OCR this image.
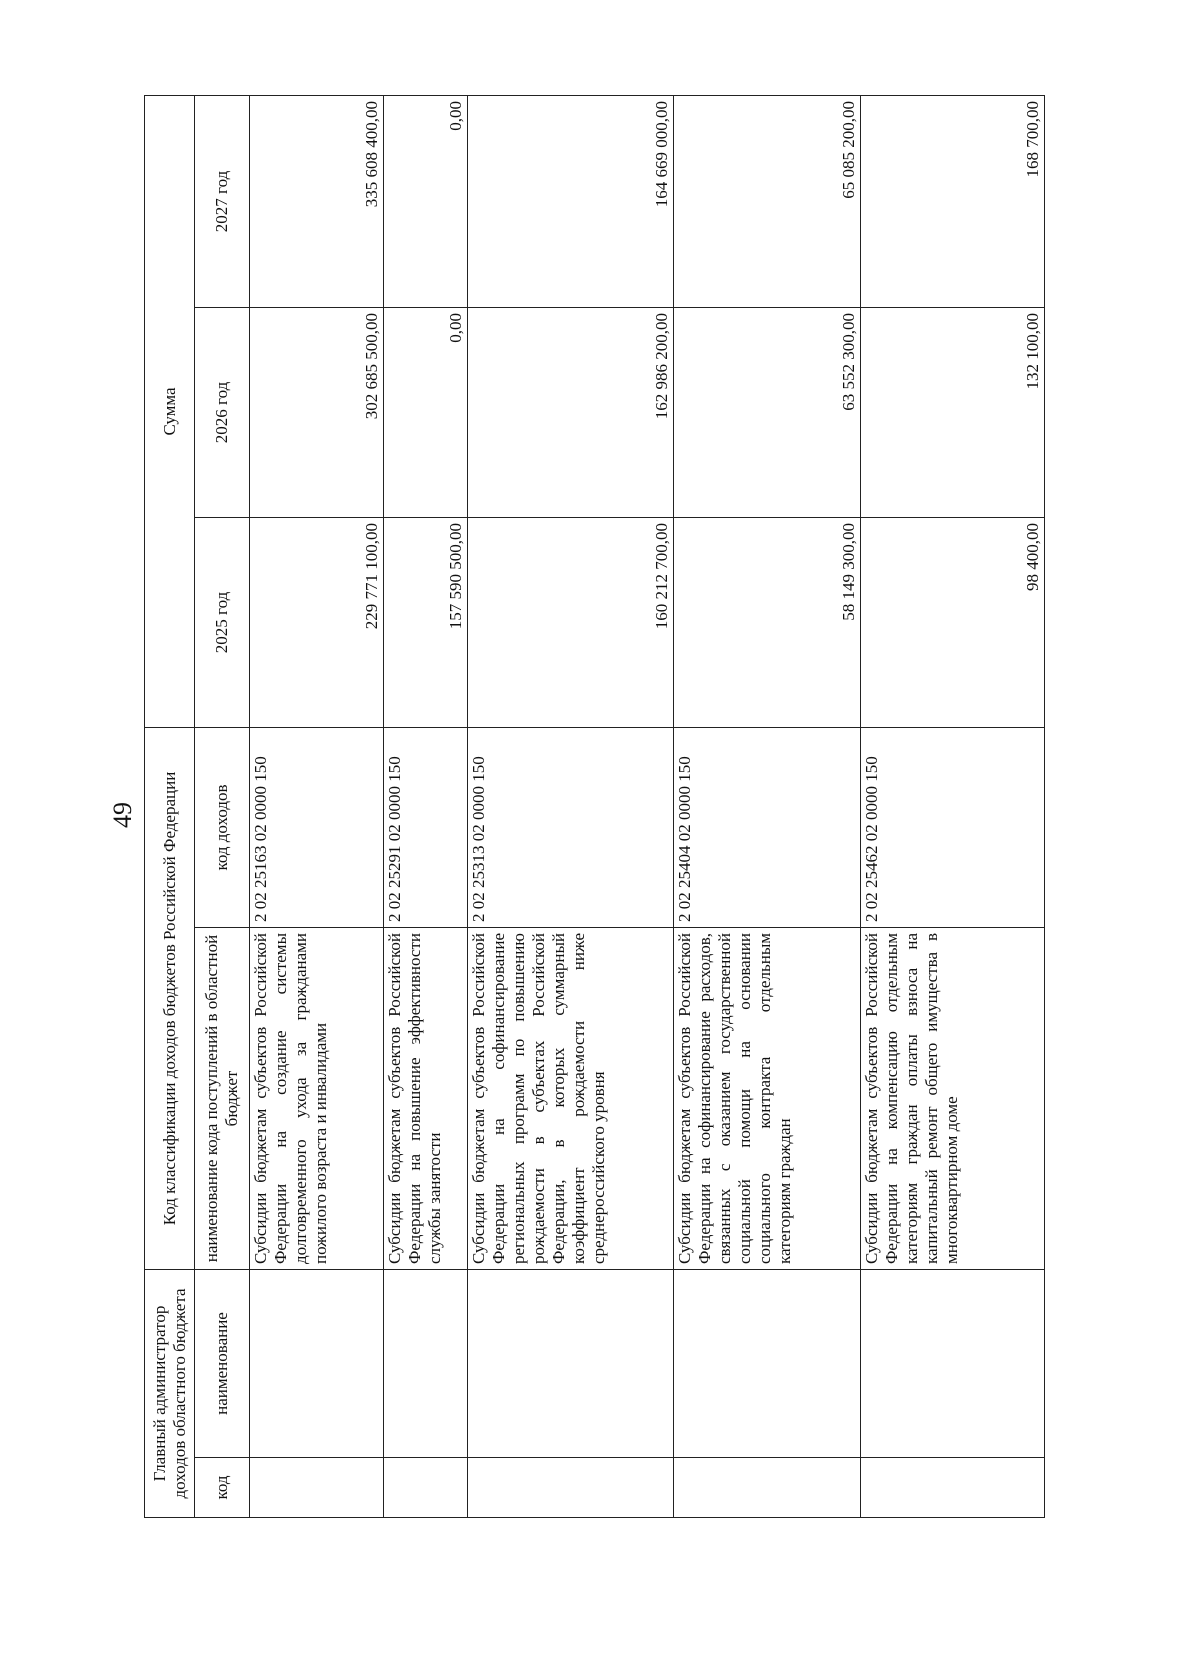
49
Главный администратор доходов областного бюджета		Код классификации доходов бюджетов Российской Федерации		Сумма		
код	наименование	наименование кода поступлений в областной бюджет	код доходов	2025 год	2026 год	2027 год
		Субсидии бюджетам субъектов Российской Федерации на создание системы долговременного ухода за гражданами пожилого возраста и инвалидами	2 02 25163 02 0000 150	229 771 100,00	302 685 500,00	335 608 400,00
		Субсидии бюджетам субъектов Российской Федерации на повышение эффективности службы занятости	2 02 25291 02 0000 150	157 590 500,00	0,00	0,00
		Субсидии бюджетам субъектов Российской Федерации на софинансирование региональных программ по повышению рождаемости в субъектах Российской Федерации, в которых суммарный коэффициент рождаемости ниже среднероссийского уровня	2 02 25313 02 0000 150	160 212 700,00	162 986 200,00	164 669 000,00
		Субсидии бюджетам субъектов Российской Федерации на софинансирование расходов, связанных с оказанием государственной социальной помощи на основании социального контракта отдельным категориям граждан	2 02 25404 02 0000 150	58 149 300,00	63 552 300,00	65 085 200,00
		Субсидии бюджетам субъектов Российской Федерации на компенсацию отдельным категориям граждан оплаты взноса на капитальный ремонт общего имущества в многоквартирном доме	2 02 25462 02 0000 150	98 400,00	132 100,00	168 700,00
